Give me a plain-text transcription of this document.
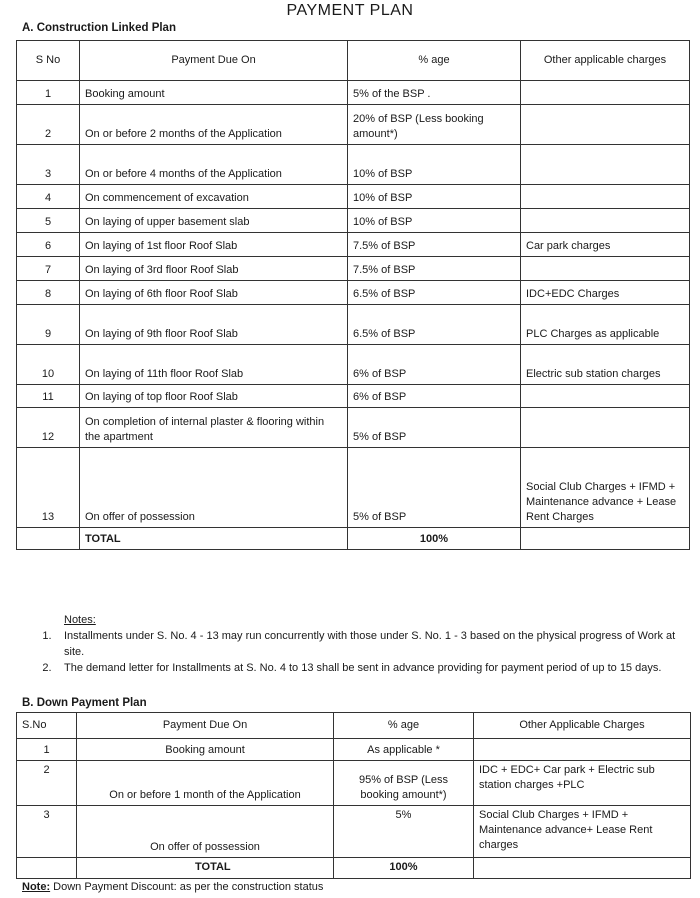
PAYMENT PLAN
A. Construction Linked Plan
S No	Payment Due On	% age	Other applicable charges
1	Booking amount	5% of the BSP .	
2	On or before 2 months of the Application	20% of BSP (Less booking amount*)	
3	On or before 4 months of the Application	10% of BSP	
4	On commencement of excavation	10% of BSP	
5	On laying of upper basement slab	10% of BSP	
6	On laying of 1st floor Roof Slab	7.5% of BSP	Car park charges
7	On laying of 3rd floor Roof Slab	7.5% of BSP	
8	On laying of 6th floor Roof Slab	6.5% of BSP	IDC+EDC Charges
9	On laying of 9th floor Roof Slab	6.5% of BSP	PLC Charges as applicable
10	On laying of 11th floor Roof Slab	6% of BSP	Electric sub station charges
11	On laying of top floor Roof Slab	6% of BSP	
12	On completion of internal plaster & flooring within the apartment	5% of BSP	
13	On offer of possession	5% of BSP	Social Club Charges + IFMD + Maintenance advance + Lease Rent Charges
	TOTAL	100%	
Notes:
1.	Installments under S. No. 4 - 13 may run concurrently with those under S. No. 1 - 3 based on the physical progress of Work at site.
2.	The demand letter for Installments at S. No. 4 to 13 shall be sent in advance providing for payment period of up to 15 days.
B. Down Payment Plan
S.No	Payment Due On	% age	Other Applicable Charges
1	Booking amount	As applicable *	
2	On or before 1 month of the Application	95% of BSP (Less booking amount*)	IDC + EDC+ Car park + Electric sub station charges +PLC
3	On offer of possession	5%	Social Club Charges + IFMD + Maintenance advance+ Lease Rent charges
	TOTAL	100%	
Note: Down Payment Discount: as per the construction status
